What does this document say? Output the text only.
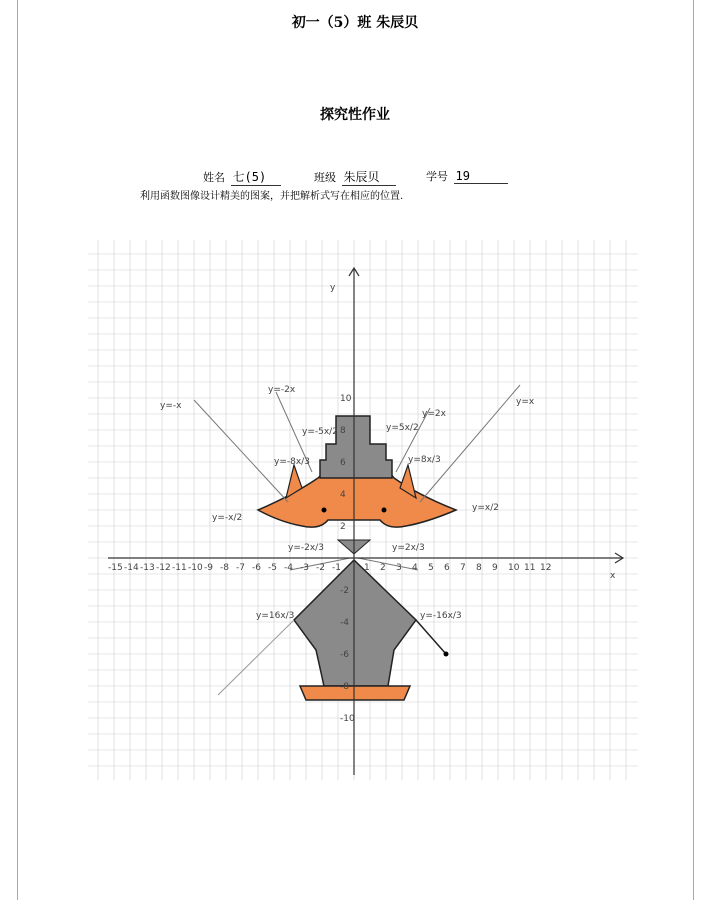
初一（5）班 朱辰贝
探究性作业
姓名 七(5)	班级 朱辰贝	学号 19
利用函数图像设计精美的图案，并把解析式写在相应的位置.
x
y
-15 -14 -13 -12 -11 -10 -9 -8 -7 -6 -5 -4 -3 -2 -1	1 2 3 4 5 6 7 8 9 10 11 12
10
8
6
4
2
-2
-4
-6
-8
-10
y=-x	y=x
y=-2x
y=2x
y=-5x/2	y=5x/2
y=-8x/3	y=8x/3
y=-x/2
y=x/2
y=-2x/3	y=2x/3
y=16x/3	y=-16x/3
